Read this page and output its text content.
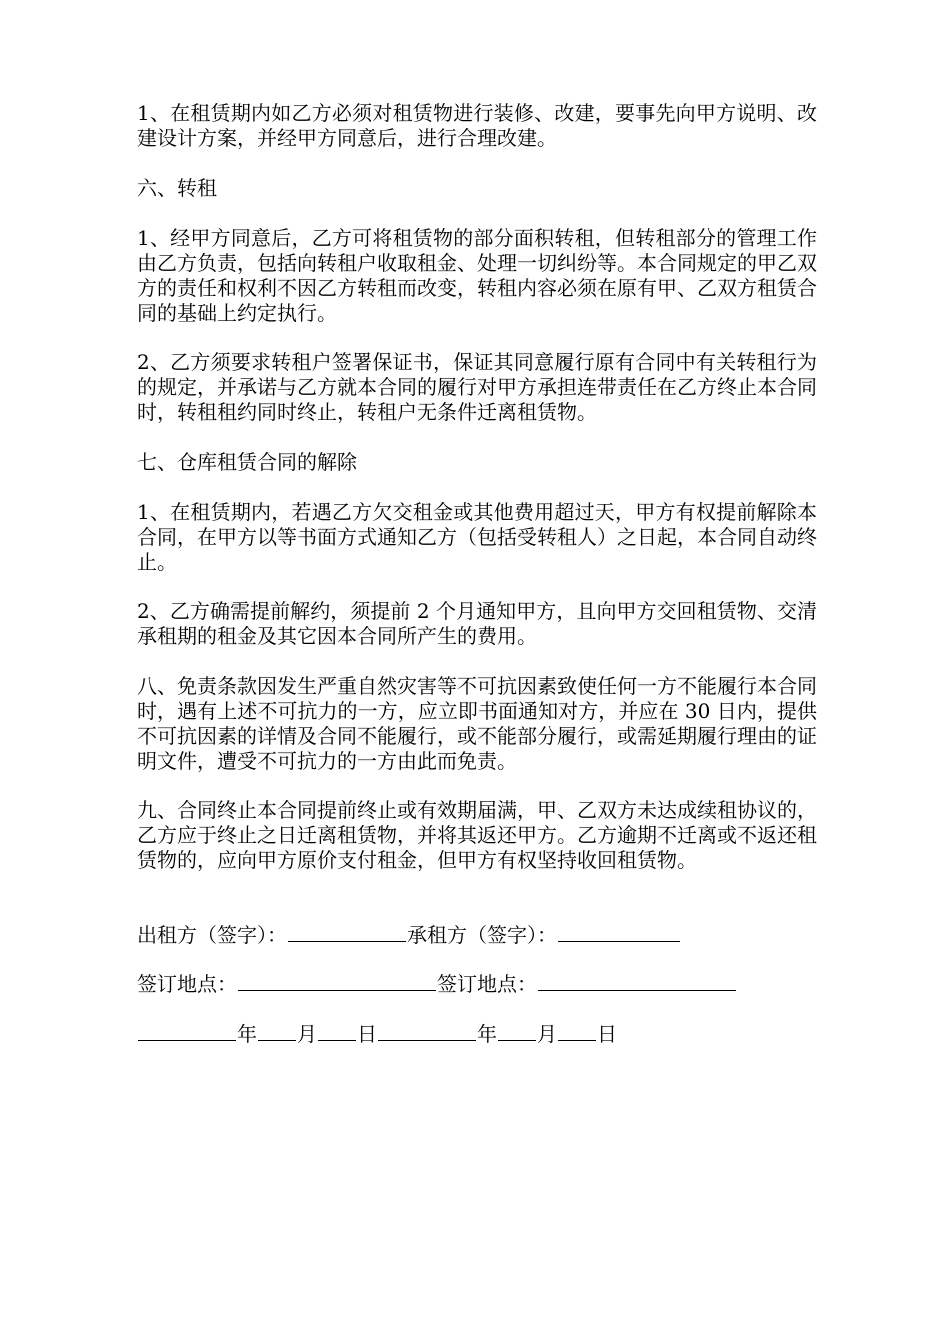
1、在租赁期内如乙方必须对租赁物进行装修、改建，要事先向甲方说明、改建设计方案，并经甲方同意后，进行合理改建。

六、转租

1、经甲方同意后，乙方可将租赁物的部分面积转租，但转租部分的管理工作由乙方负责，包括向转租户收取租金、处理一切纠纷等。本合同规定的甲乙双方的责任和权利不因乙方转租而改变，转租内容必须在原有甲、乙双方租赁合同的基础上约定执行。

2、乙方须要求转租户签署保证书，保证其同意履行原有合同中有关转租行为的规定，并承诺与乙方就本合同的履行对甲方承担连带责任在乙方终止本合同时，转租租约同时终止，转租户无条件迁离租赁物。

七、仓库租赁合同的解除

1、在租赁期内，若遇乙方欠交租金或其他费用超过天，甲方有权提前解除本合同，在甲方以等书面方式通知乙方（包括受转租人）之日起，本合同自动终止。

2、乙方确需提前解约，须提前 2 个月通知甲方，且向甲方交回租赁物、交清承租期的租金及其它因本合同所产生的费用。

八、免责条款因发生严重自然灾害等不可抗因素致使任何一方不能履行本合同时，遇有上述不可抗力的一方，应立即书面通知对方，并应在 30 日内，提供不可抗因素的详情及合同不能履行，或不能部分履行，或需延期履行理由的证明文件，遭受不可抗力的一方由此而免责。

九、合同终止本合同提前终止或有效期届满，甲、乙双方未达成续租协议的，乙方应于终止之日迁离租赁物，并将其返还甲方。乙方逾期不迁离或不返还租赁物的，应向甲方原价支付租金，但甲方有权坚持收回租赁物。

出租方（签字）：	承租方（签字）：
签订地点：	签订地点：
年 月 日	年 月 日
